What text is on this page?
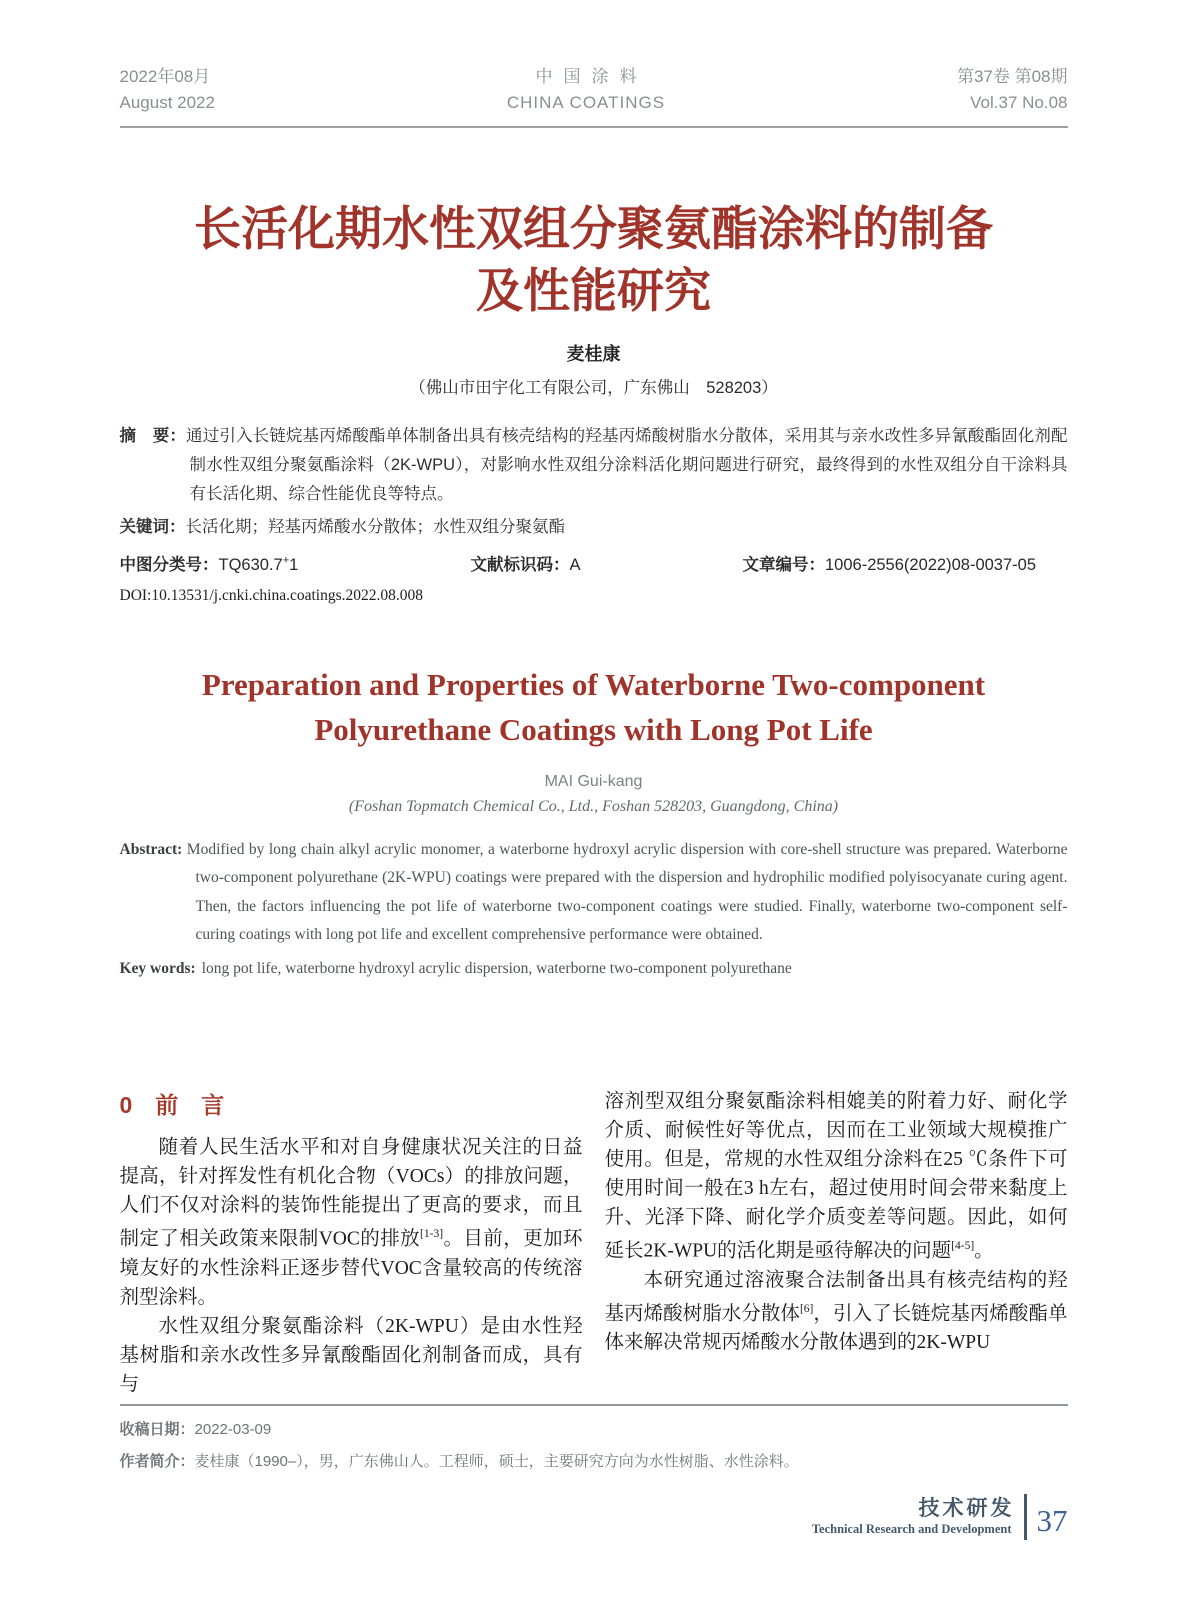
2022年08月
August 2022
中国涂料
CHINA COATINGS
第37卷 第08期
Vol.37 No.08
长活化期水性双组分聚氨酯涂料的制备
及性能研究
麦桂康
（佛山市田宇化工有限公司，广东佛山　528203）

摘　要：通过引入长链烷基丙烯酸酯单体制备出具有核壳结构的羟基丙烯酸树脂水分散体，采用其与亲水改性多异氰酸酯固化剂配制水性双组分聚氨酯涂料（2K-WPU），对影响水性双组分涂料活化期问题进行研究，最终得到的水性双组分自干涂料具有长活化期、综合性能优良等特点。

关键词：长活化期；羟基丙烯酸水分散体；水性双组分聚氨酯

中图分类号：TQ630.7+1	文献标识码：A	文章编号：1006-2556(2022)08-0037-05
DOI:10.13531/j.cnki.china.coatings.2022.08.008
Preparation and Properties of Waterborne Two-component
Polyurethane Coatings with Long Pot Life
MAI Gui-kang
(Foshan Topmatch Chemical Co., Ltd., Foshan 528203, Guangdong, China)

Abstract: Modified by long chain alkyl acrylic monomer, a waterborne hydroxyl acrylic dispersion with core-shell structure was prepared. Waterborne two-component polyurethane (2K-WPU) coatings were prepared with the dispersion and hydrophilic modified polyisocyanate curing agent. Then, the factors influencing the pot life of waterborne two-component coatings were studied. Finally, waterborne two-component self-curing coatings with long pot life and excellent comprehensive performance were obtained.

Key words: long pot life, waterborne hydroxyl acrylic dispersion, waterborne two-component polyurethane

0　前　言

随着人民生活水平和对自身健康状况关注的日益提高，针对挥发性有机化合物（VOCs）的排放问题，人们不仅对涂料的装饰性能提出了更高的要求，而且制定了相关政策来限制VOC的排放[1-3]。目前，更加环境友好的水性涂料正逐步替代VOC含量较高的传统溶剂型涂料。

水性双组分聚氨酯涂料（2K-WPU）是由水性羟基树脂和亲水改性多异氰酸酯固化剂制备而成，具有与

溶剂型双组分聚氨酯涂料相媲美的附着力好、耐化学介质、耐候性好等优点，因而在工业领域大规模推广使用。但是，常规的水性双组分涂料在25 ℃条件下可使用时间一般在3 h左右，超过使用时间会带来黏度上升、光泽下降、耐化学介质变差等问题。因此，如何延长2K-WPU的活化期是亟待解决的问题[4-5]。

本研究通过溶液聚合法制备出具有核壳结构的羟基丙烯酸树脂水分散体[6]，引入了长链烷基丙烯酸酯单体来解决常规丙烯酸水分散体遇到的2K-WPU

收稿日期：2022-03-09
作者简介：麦桂康（1990–），男，广东佛山人。工程师，硕士，主要研究方向为水性树脂、水性涂料。
技术研发
Technical Research and Development 37
